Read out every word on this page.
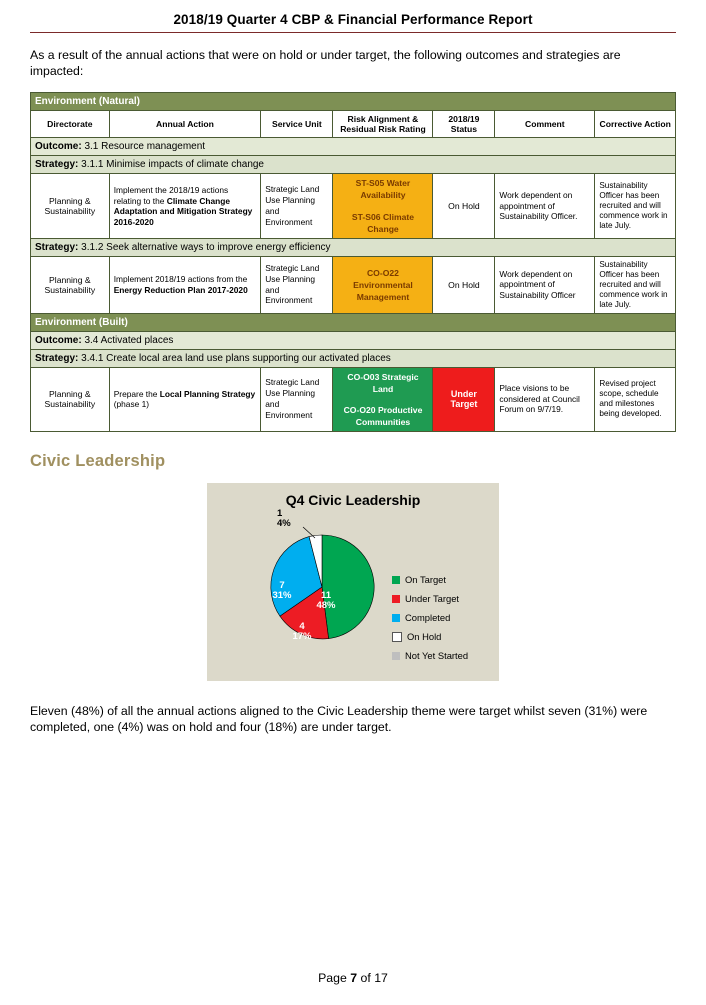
2018/19 Quarter 4 CBP & Financial Performance Report
As a result of the annual actions that were on hold or under target, the following outcomes and strategies are impacted:
Environment (Natural)						
Directorate	Annual Action	Service Unit	Risk Alignment & Residual Risk Rating	2018/19 Status	Comment	Corrective Action
Outcome: 3.1 Resource management						
Strategy: 3.1.1 Minimise impacts of climate change						
Planning & Sustainability	Implement the 2018/19 actions relating to the Climate Change Adaptation and Mitigation Strategy 2016-2020	Strategic Land Use Planning and Environment	ST-S05 Water Availability
ST-S06 Climate Change	On Hold	Work dependent on appointment of Sustainability Officer.	Sustainability Officer has been recruited and will commence work in late July.
Strategy: 3.1.2 Seek alternative ways to improve energy efficiency						
Planning & Sustainability	Implement 2018/19 actions from the Energy Reduction Plan 2017-2020	Strategic Land Use Planning and Environment	CO-O22 Environmental Management	On Hold	Work dependent on appointment of Sustainability Officer	Sustainability Officer has been recruited and will commence work in late July.
Environment (Built)						
Outcome: 3.4 Activated places						
Strategy: 3.4.1 Create local area land use plans supporting our activated places						
Planning & Sustainability	Prepare the Local Planning Strategy (phase 1)	Strategic Land Use Planning and Environment	CO-O03 Strategic Land
CO-O20 Productive Communities	Under Target	Place visions to be considered at Council Forum on 9/7/19.	Revised project scope, schedule and milestones being developed.
Civic Leadership
Q4 Civic Leadership
11
48%
4
17%
7
31%
1
4%
On Target
Under Target
Completed
On Hold
Not Yet Started
Eleven (48%) of all the annual actions aligned to the Civic Leadership theme were target whilst seven (31%) were completed, one (4%) was on hold and four (18%) are under target.
Page 7 of 17
